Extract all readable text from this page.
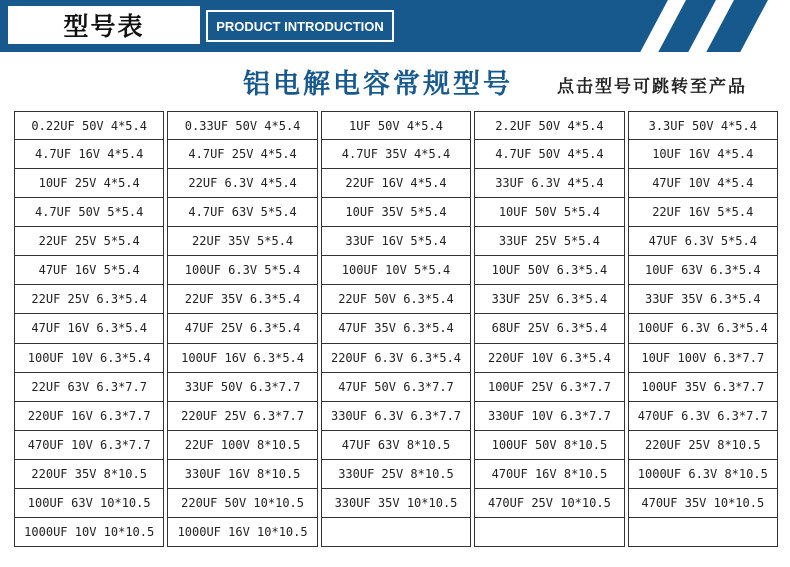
型号表	PRODUCT INTRODUCTION
铝电解电容常规型号	点击型号可跳转至产品
0.22UF 50V 4*5.4	0.33UF 50V 4*5.4	1UF 50V 4*5.4	2.2UF 50V 4*5.4	3.3UF 50V 4*5.4
4.7UF 16V 4*5.4	4.7UF 25V 4*5.4	4.7UF 35V 4*5.4	4.7UF 50V 4*5.4	10UF 16V 4*5.4
10UF 25V 4*5.4	22UF 6.3V 4*5.4	22UF 16V 4*5.4	33UF 6.3V 4*5.4	47UF 10V 4*5.4
4.7UF 50V 5*5.4	4.7UF 63V 5*5.4	10UF 35V 5*5.4	10UF 50V 5*5.4	22UF 16V 5*5.4
22UF 25V 5*5.4	22UF 35V 5*5.4	33UF 16V 5*5.4	33UF 25V 5*5.4	47UF 6.3V 5*5.4
47UF 16V 5*5.4	100UF 6.3V 5*5.4	100UF 10V 5*5.4	10UF 50V 6.3*5.4	10UF 63V 6.3*5.4
22UF 25V 6.3*5.4	22UF 35V 6.3*5.4	22UF 50V 6.3*5.4	33UF 25V 6.3*5.4	33UF 35V 6.3*5.4
47UF 16V 6.3*5.4	47UF 25V 6.3*5.4	47UF 35V 6.3*5.4	68UF 25V 6.3*5.4	100UF 6.3V 6.3*5.4
100UF 10V 6.3*5.4	100UF 16V 6.3*5.4	220UF 6.3V 6.3*5.4	220UF 10V 6.3*5.4	10UF 100V 6.3*7.7
22UF 63V 6.3*7.7	33UF 50V 6.3*7.7	47UF 50V 6.3*7.7	100UF 25V 6.3*7.7	100UF 35V 6.3*7.7
220UF 16V 6.3*7.7	220UF 25V 6.3*7.7	330UF 6.3V 6.3*7.7	330UF 10V 6.3*7.7	470UF 6.3V 6.3*7.7
470UF 10V 6.3*7.7	22UF 100V 8*10.5	47UF 63V 8*10.5	100UF 50V 8*10.5	220UF 25V 8*10.5
220UF 35V 8*10.5	330UF 16V 8*10.5	330UF 25V 8*10.5	470UF 16V 8*10.5	1000UF 6.3V 8*10.5
100UF 63V 10*10.5	220UF 50V 10*10.5	330UF 35V 10*10.5	470UF 25V 10*10.5	470UF 35V 10*10.5
1000UF 10V 10*10.5	1000UF 16V 10*10.5
